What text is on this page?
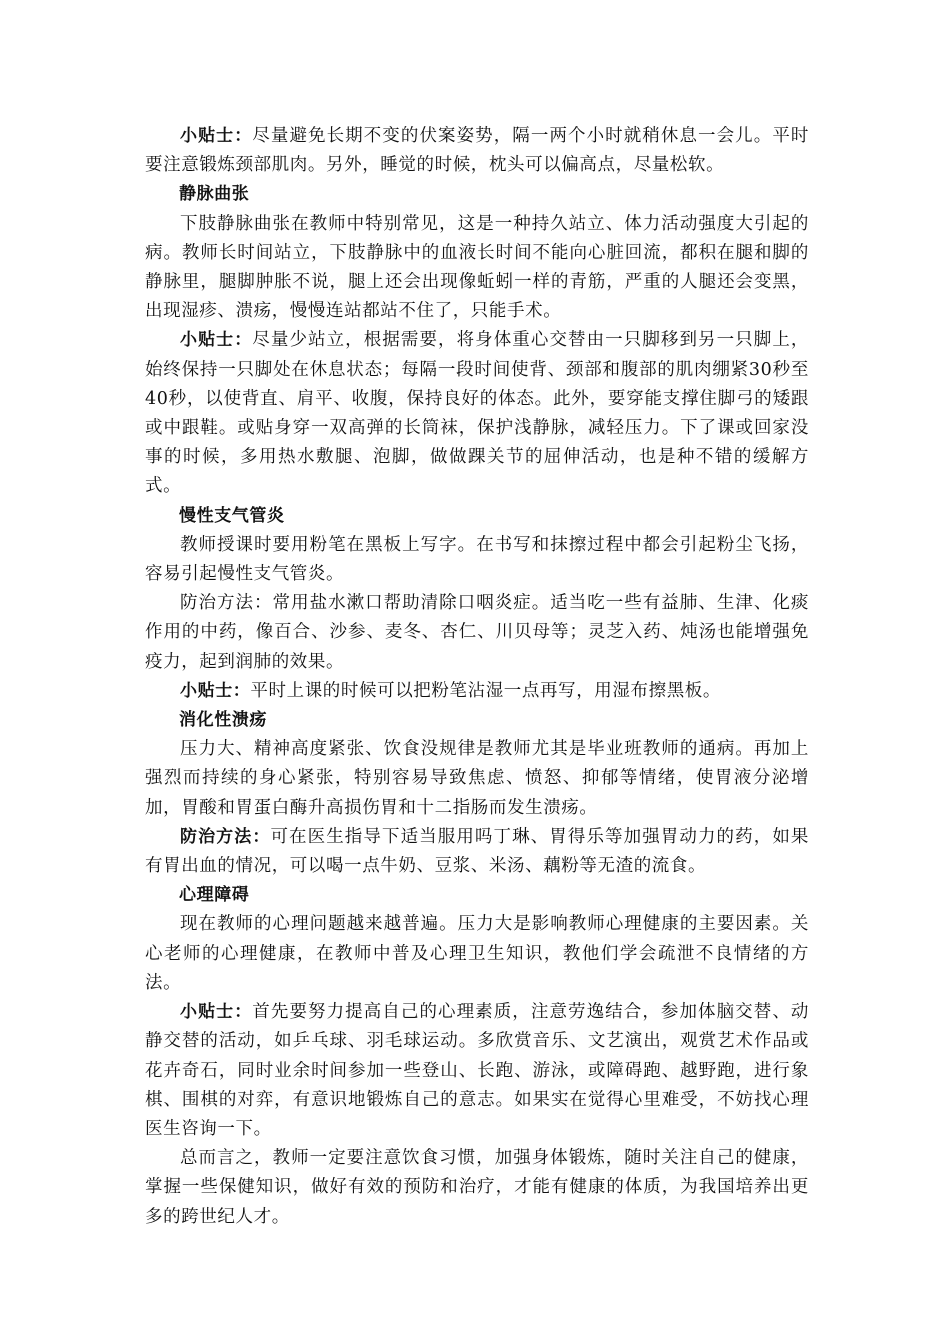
小贴士：尽量避免长期不变的伏案姿势，隔一两个小时就稍休息一会儿。平时要注意锻炼颈部肌肉。另外，睡觉的时候，枕头可以偏高点，尽量松软。

静脉曲张

下肢静脉曲张在教师中特别常见，这是一种持久站立、体力活动强度大引起的病。教师长时间站立，下肢静脉中的血液长时间不能向心脏回流，都积在腿和脚的静脉里，腿脚肿胀不说，腿上还会出现像蚯蚓一样的青筋，严重的人腿还会变黑，出现湿疹、溃疡，慢慢连站都站不住了，只能手术。

小贴士：尽量少站立，根据需要，将身体重心交替由一只脚移到另一只脚上，始终保持一只脚处在休息状态；每隔一段时间使背、颈部和腹部的肌肉绷紧30秒至40秒，以使背直、肩平、收腹，保持良好的体态。此外，要穿能支撑住脚弓的矮跟或中跟鞋。或贴身穿一双高弹的长筒袜，保护浅静脉，减轻压力。下了课或回家没事的时候，多用热水敷腿、泡脚，做做踝关节的屈伸活动，也是种不错的缓解方式。

慢性支气管炎

教师授课时要用粉笔在黑板上写字。在书写和抹擦过程中都会引起粉尘飞扬，容易引起慢性支气管炎。

防治方法：常用盐水漱口帮助清除口咽炎症。适当吃一些有益肺、生津、化痰作用的中药，像百合、沙参、麦冬、杏仁、川贝母等；灵芝入药、炖汤也能增强免疫力，起到润肺的效果。

小贴士：平时上课的时候可以把粉笔沾湿一点再写，用湿布擦黑板。

消化性溃疡

压力大、精神高度紧张、饮食没规律是教师尤其是毕业班教师的通病。再加上强烈而持续的身心紧张，特别容易导致焦虑、愤怒、抑郁等情绪，使胃液分泌增加，胃酸和胃蛋白酶升高损伤胃和十二指肠而发生溃疡。

防治方法：可在医生指导下适当服用吗丁琳、胃得乐等加强胃动力的药，如果有胃出血的情况，可以喝一点牛奶、豆浆、米汤、藕粉等无渣的流食。

心理障碍

现在教师的心理问题越来越普遍。压力大是影响教师心理健康的主要因素。关心老师的心理健康，在教师中普及心理卫生知识，教他们学会疏泄不良情绪的方法。

小贴士：首先要努力提高自己的心理素质，注意劳逸结合，参加体脑交替、动静交替的活动，如乒乓球、羽毛球运动。多欣赏音乐、文艺演出，观赏艺术作品或花卉奇石，同时业余时间参加一些登山、长跑、游泳，或障碍跑、越野跑，进行象棋、围棋的对弈，有意识地锻炼自己的意志。如果实在觉得心里难受，不妨找心理医生咨询一下。

总而言之，教师一定要注意饮食习惯，加强身体锻炼，随时关注自己的健康，掌握一些保健知识，做好有效的预防和治疗，才能有健康的体质，为我国培养出更多的跨世纪人才。
